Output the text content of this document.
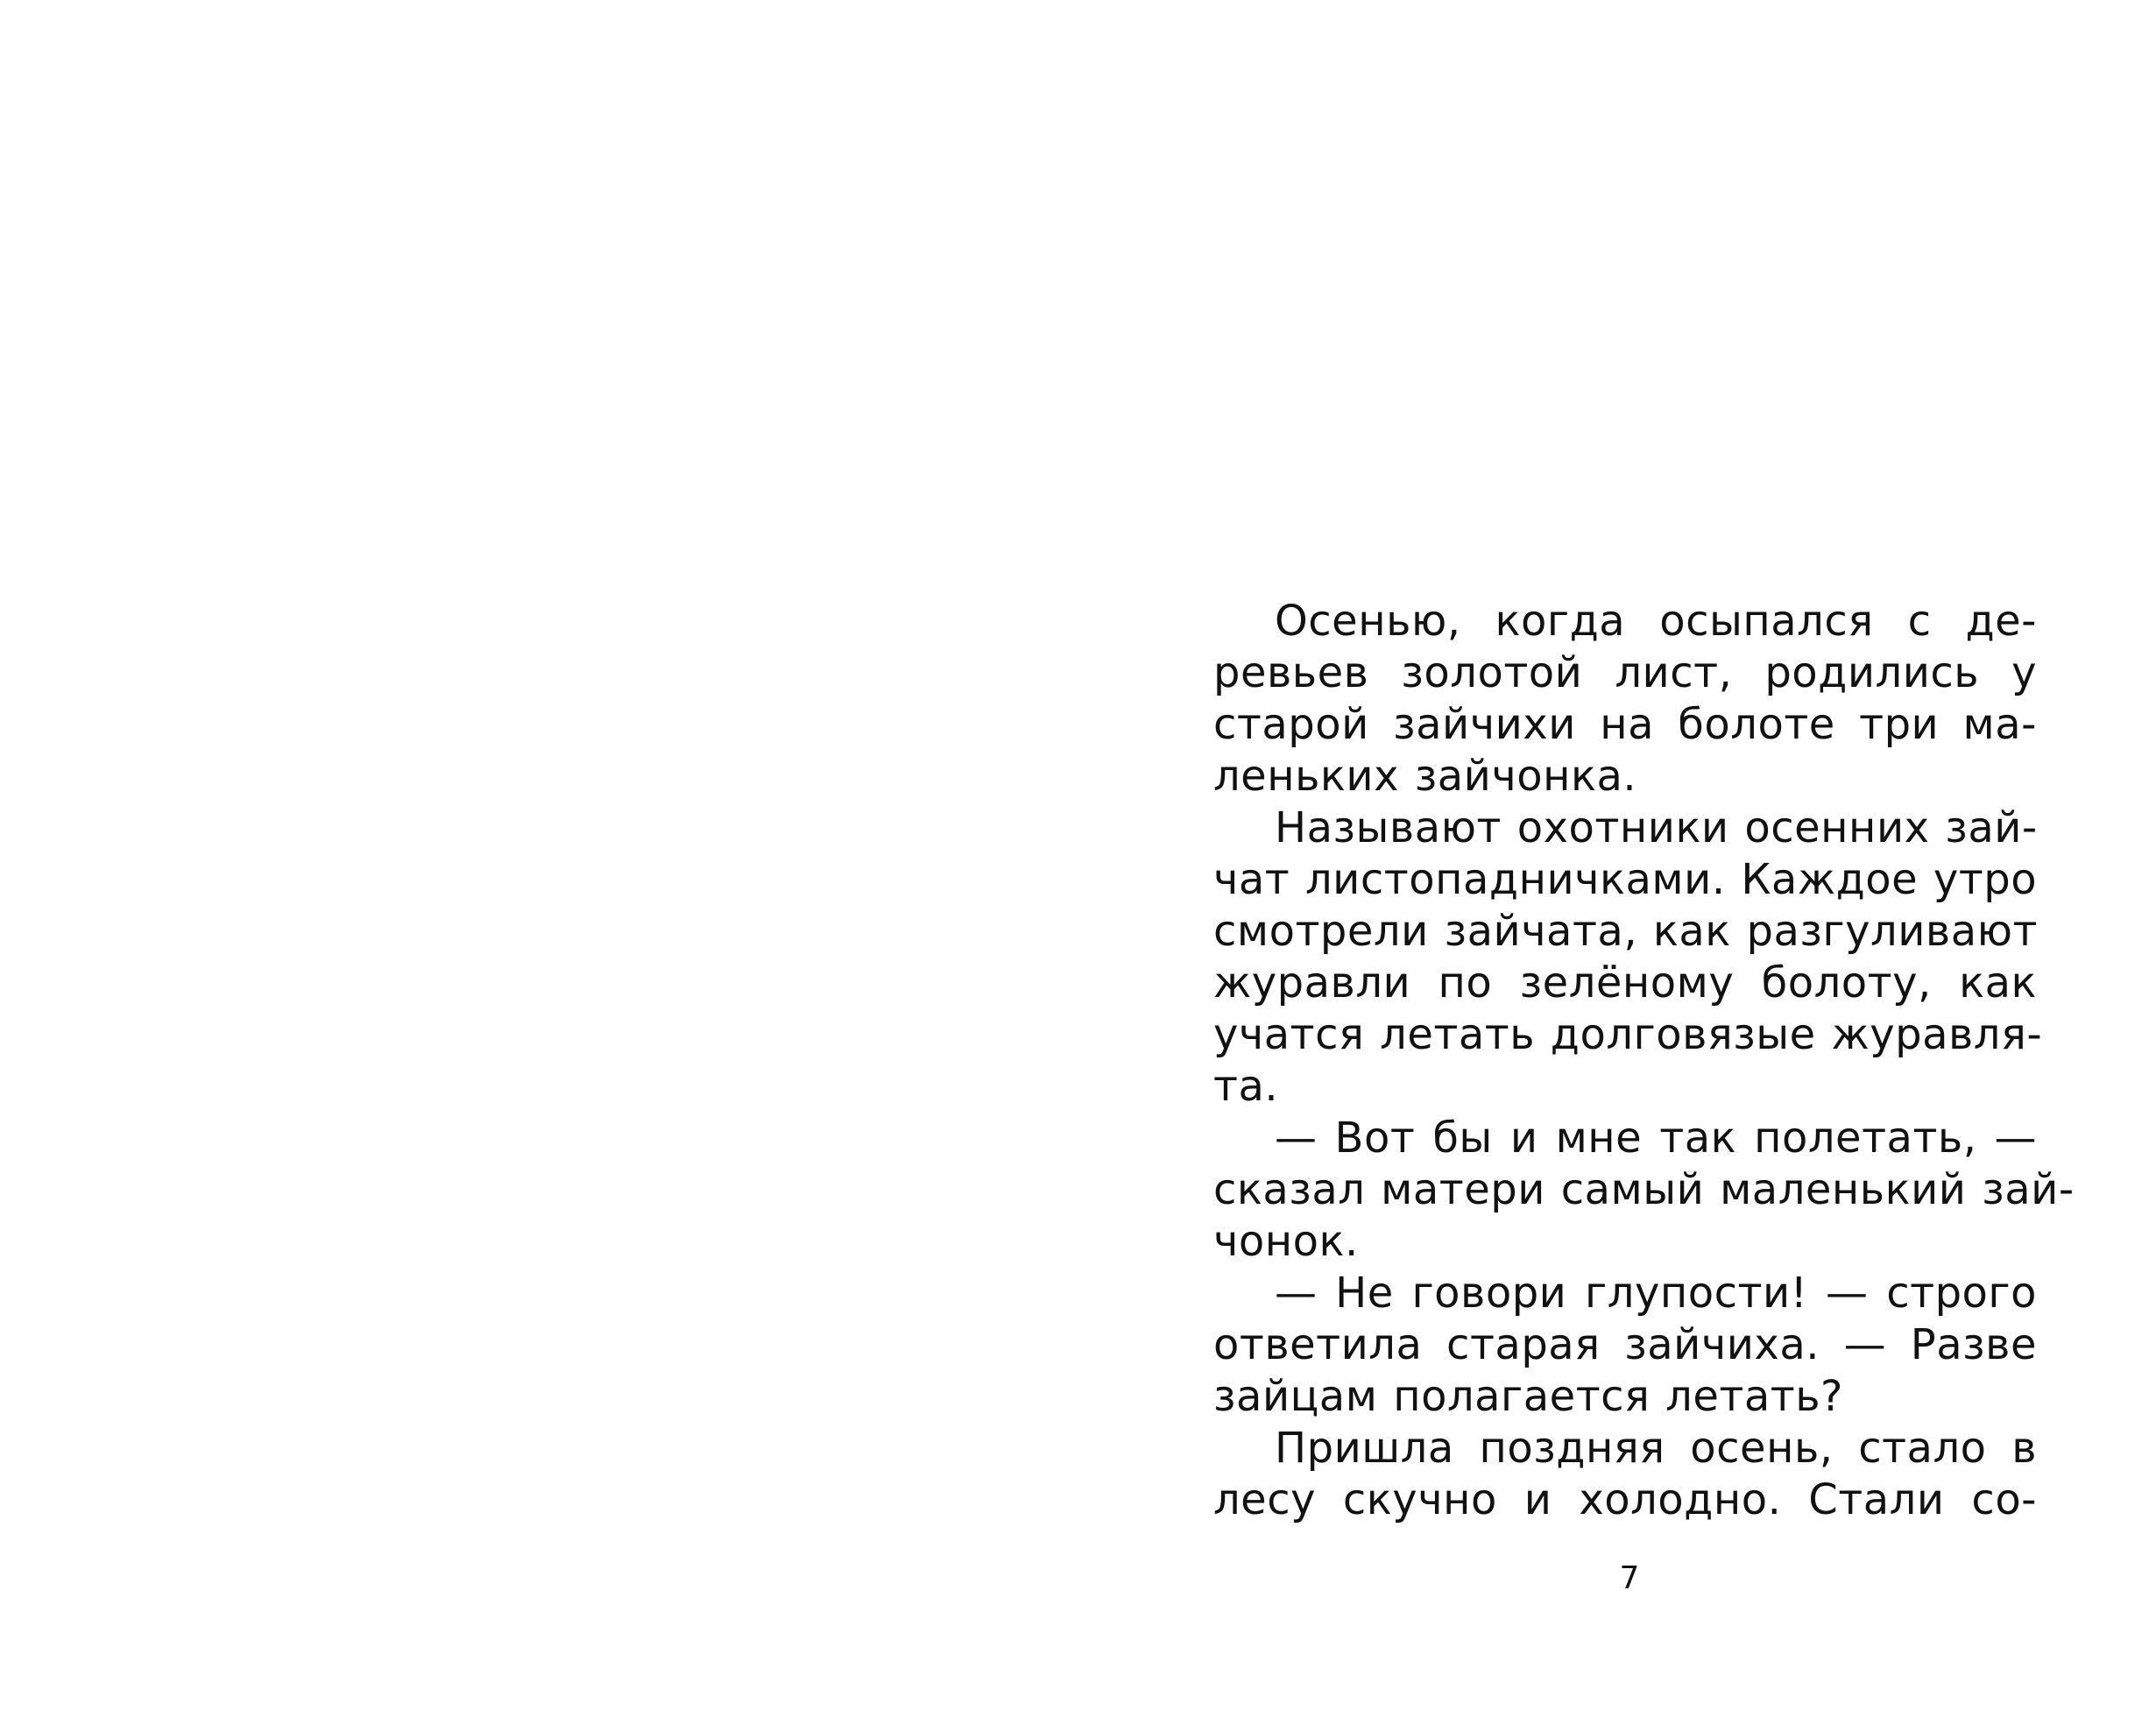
Осенью, когда осыпался с де-
ревьев золотой лист, родились у
старой зайчихи на болоте три ма-
леньких зайчонка.
Называют охотники осенних зай-
чат листопадничками. Каждое утро
смотрели зайчата, как разгуливают
журавли по зелёному болоту, как
учатся летать долговязые журавля-
та.
— Вот бы и мне так полетать, —
сказал матери самый маленький зай-
чонок.
— Не говори глупости! — строго
ответила старая зайчиха. — Разве
зайцам полагается летать?
Пришла поздняя осень, стало в
лесу скучно и холодно. Стали со-
7
